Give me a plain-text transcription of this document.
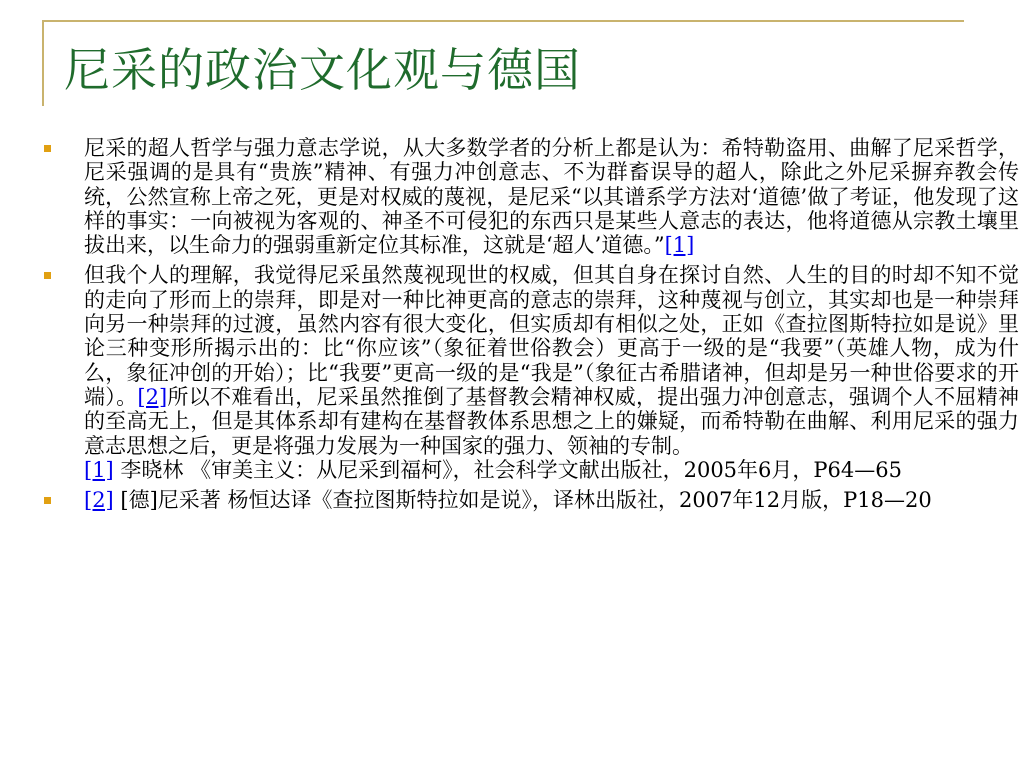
尼采的政治文化观与德国

尼采的超人哲学与强力意志学说，从大多数学者的分析上都是认为：希特勒盗用、曲解了尼采哲学，尼采强调的是具有“贵族”精神、有强力冲创意志、不为群畜误导的超人，除此之外尼采摒弃教会传统，公然宣称上帝之死，更是对权威的蔑视，是尼采“以其谱系学方法对‘道德’做了考证，他发现了这样的事实：一向被视为客观的、神圣不可侵犯的东西只是某些人意志的表达，他将道德从宗教土壤里拔出来，以生命力的强弱重新定位其标准，这就是‘超人’道德。”[1]

但我个人的理解，我觉得尼采虽然蔑视现世的权威，但其自身在探讨自然、人生的目的时却不知不觉的走向了形而上的崇拜，即是对一种比神更高的意志的崇拜，这种蔑视与创立，其实却也是一种崇拜向另一种崇拜的过渡，虽然内容有很大变化，但实质却有相似之处，正如《查拉图斯特拉如是说》里论三种变形所揭示出的：比“你应该”（象征着世俗教会）更高于一级的是“我要”（英雄人物，成为什么，象征冲创的开始）；比“我要”更高一级的是“我是”（象征古希腊诸神，但却是另一种世俗要求的开端）。[2]所以不难看出，尼采虽然推倒了基督教会精神权威，提出强力冲创意志，强调个人不屈精神的至高无上，但是其体系却有建构在基督教体系思想之上的嫌疑，而希特勒在曲解、利用尼采的强力意志思想之后，更是将强力发展为一种国家的强力、领袖的专制。

[1] 李晓林 《审美主义：从尼采到福柯》，社会科学文献出版社，2005年6月，P64—65

[2] [德]尼采著 杨恒达译《查拉图斯特拉如是说》，译林出版社，2007年12月版，P18—20
